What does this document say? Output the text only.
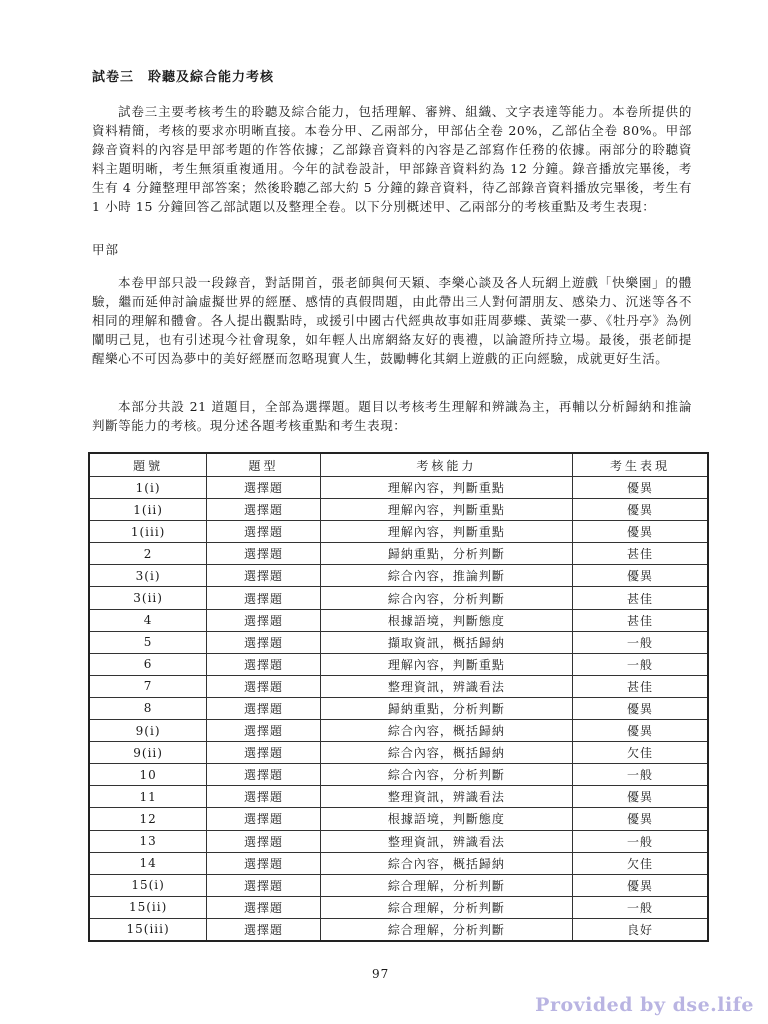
試卷三　聆聽及綜合能力考核

試卷三主要考核考生的聆聽及綜合能力，包括理解、審辨、組織、文字表達等能力。本卷所提供的資料精簡，考核的要求亦明晰直接。本卷分甲、乙兩部分，甲部佔全卷 20%，乙部佔全卷 80%。甲部錄音資料的內容是甲部考題的作答依據；乙部錄音資料的內容是乙部寫作任務的依據。兩部分的聆聽資料主題明晰，考生無須重複通用。今年的試卷設計，甲部錄音資料約為 12 分鐘。錄音播放完畢後，考生有 4 分鐘整理甲部答案；然後聆聽乙部大約 5 分鐘的錄音資料，待乙部錄音資料播放完畢後，考生有 1 小時 15 分鐘回答乙部試題以及整理全卷。以下分別概述甲、乙兩部分的考核重點及考生表現：

甲部

本卷甲部只設一段錄音，對話開首，張老師與何天穎、李樂心談及各人玩網上遊戲「快樂園」的體驗，繼而延伸討論虛擬世界的經歷、感情的真假問題，由此帶出三人對何謂朋友、感染力、沉迷等各不相同的理解和體會。各人提出觀點時，或援引中國古代經典故事如莊周夢蝶、黃粱一夢、《牡丹亭》為例闡明己見，也有引述現今社會現象，如年輕人出席網絡友好的喪禮，以論證所持立場。最後，張老師提醒樂心不可因為夢中的美好經歷而忽略現實人生，鼓勵轉化其網上遊戲的正向經驗，成就更好生活。

本部分共設 21 道題目，全部為選擇題。題目以考核考生理解和辨識為主，再輔以分析歸納和推論判斷等能力的考核。現分述各題考核重點和考生表現：

題號	題型	考核能力	考生表現
1(i)	選擇題	理解內容，判斷重點	優異
1(ii)	選擇題	理解內容，判斷重點	優異
1(iii)	選擇題	理解內容，判斷重點	優異
2	選擇題	歸納重點，分析判斷	甚佳
3(i)	選擇題	綜合內容，推論判斷	優異
3(ii)	選擇題	綜合內容，分析判斷	甚佳
4	選擇題	根據語境，判斷態度	甚佳
5	選擇題	擷取資訊，概括歸納	一般
6	選擇題	理解內容，判斷重點	一般
7	選擇題	整理資訊，辨識看法	甚佳
8	選擇題	歸納重點，分析判斷	優異
9(i)	選擇題	綜合內容，概括歸納	優異
9(ii)	選擇題	綜合內容，概括歸納	欠佳
10	選擇題	綜合內容，分析判斷	一般
11	選擇題	整理資訊，辨識看法	優異
12	選擇題	根據語境，判斷態度	優異
13	選擇題	整理資訊，辨識看法	一般
14	選擇題	綜合內容，概括歸納	欠佳
15(i)	選擇題	綜合理解，分析判斷	優異
15(ii)	選擇題	綜合理解，分析判斷	一般
15(iii)	選擇題	綜合理解，分析判斷	良好
97
Provided by dse.life
